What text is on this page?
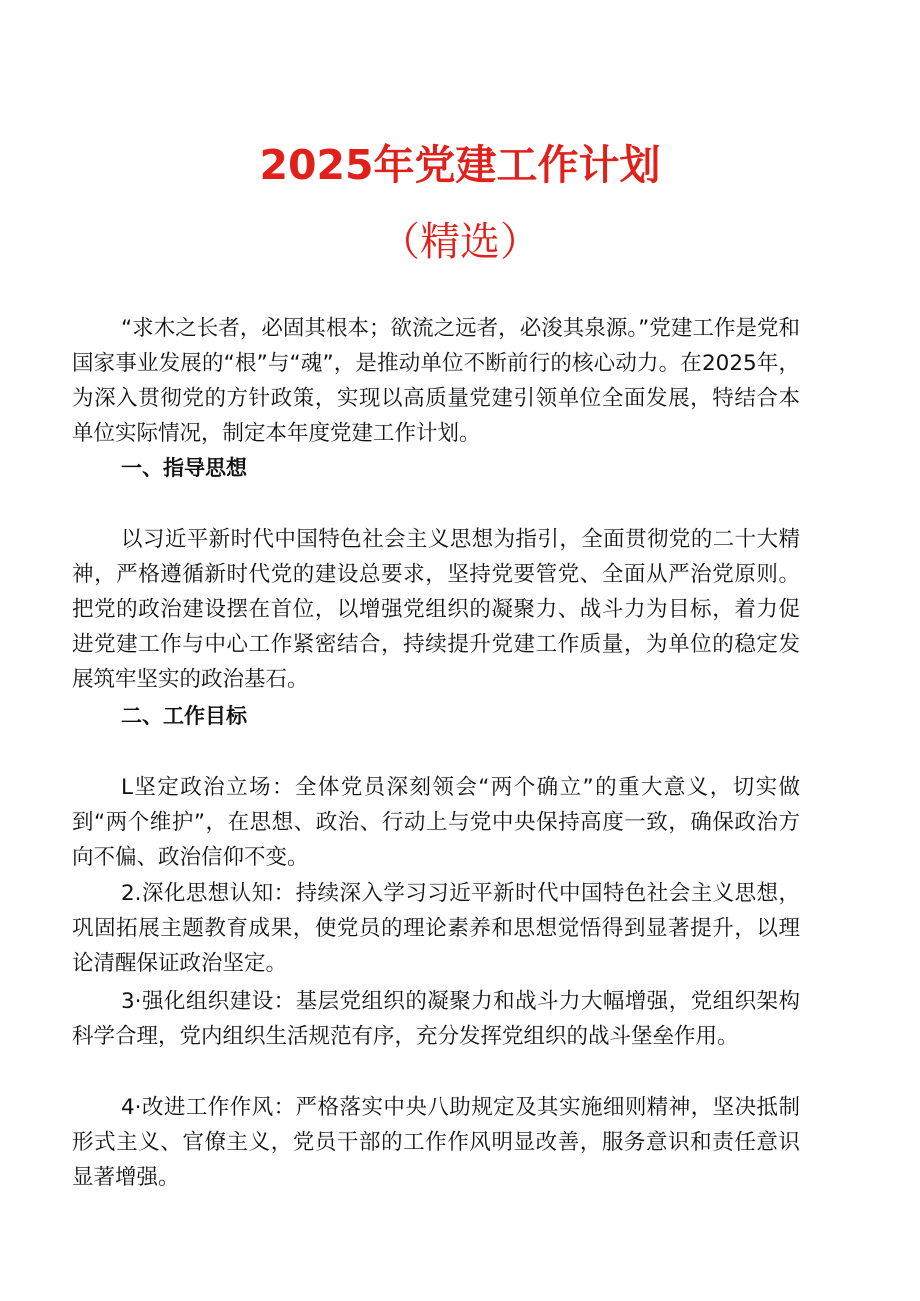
2025年党建工作计划
（精选）

“求木之长者，必固其根本；欲流之远者，必浚其泉源。”党建工作是党和国家事业发展的“根”与“魂”，是推动单位不断前行的核心动力。在2025年，为深入贯彻党的方针政策，实现以高质量党建引领单位全面发展，特结合本单位实际情况，制定本年度党建工作计划。

一、指导思想

以习近平新时代中国特色社会主义思想为指引，全面贯彻党的二十大精神，严格遵循新时代党的建设总要求，坚持党要管党、全面从严治党原则。把党的政治建设摆在首位，以增强党组织的凝聚力、战斗力为目标，着力促进党建工作与中心工作紧密结合，持续提升党建工作质量，为单位的稳定发展筑牢坚实的政治基石。

二、工作目标

L坚定政治立场：全体党员深刻领会“两个确立”的重大意义，切实做到“两个维护”，在思想、政治、行动上与党中央保持高度一致，确保政治方向不偏、政治信仰不变。

2.深化思想认知：持续深入学习习近平新时代中国特色社会主义思想，巩固拓展主题教育成果，使党员的理论素养和思想觉悟得到显著提升，以理论清醒保证政治坚定。

3·强化组织建设：基层党组织的凝聚力和战斗力大幅增强，党组织架构科学合理，党内组织生活规范有序，充分发挥党组织的战斗堡垒作用。

4·改进工作作风：严格落实中央八助规定及其实施细则精神，坚决抵制形式主义、官僚主义，党员干部的工作作风明显改善，服务意识和责任意识显著增强。
